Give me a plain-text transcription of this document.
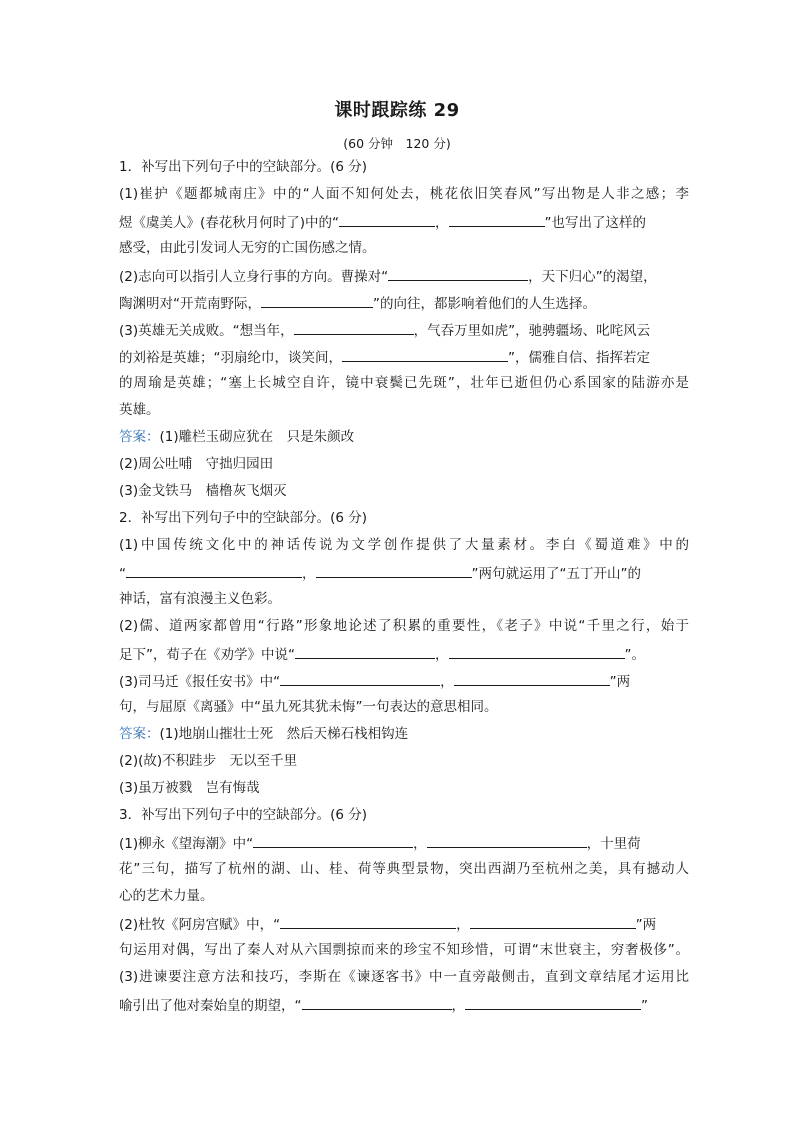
课时跟踪练 29
(60 分钟　120 分)
1．补写出下列句子中的空缺部分。(6 分)
(1)崔护《题都城南庄》中的“人面不知何处去，桃花依旧笑春风”写出物是人非之感；李
煜《虞美人》(春花秋月何时了)中的“	，	”也写出了这样的
感受，由此引发词人无穷的亡国伤感之情。
(2)志向可以指引人立身行事的方向。曹操对“	，天下归心”的渴望，
陶渊明对“开荒南野际，	”的向往，都影响着他们的人生选择。
(3)英雄无关成败。“想当年，	，气吞万里如虎”，驰骋疆场、叱咤风云
的刘裕是英雄；“羽扇纶巾，谈笑间，	”，儒雅自信、指挥若定
的周瑜是英雄；“塞上长城空自许，镜中衰鬓已先斑”，壮年已逝但仍心系国家的陆游亦是
英雄。
答案：(1)雕栏玉砌应犹在　只是朱颜改
(2)周公吐哺　守拙归园田
(3)金戈铁马　樯橹灰飞烟灭
2．补写出下列句子中的空缺部分。(6 分)
(1)中国传统文化中的神话传说为文学创作提供了大量素材。李白《蜀道难》中的
“	，	”两句就运用了“五丁开山”的
神话，富有浪漫主义色彩。
(2)儒、道两家都曾用“行路”形象地论述了积累的重要性，《老子》中说“千里之行，始于
足下”，荀子在《劝学》中说“	，	”。
(3)司马迁《报任安书》中“	，	”两
句，与屈原《离骚》中“虽九死其犹未悔”一句表达的意思相同。
答案：(1)地崩山摧壮士死　然后天梯石栈相钩连
(2)(故)不积跬步　无以至千里
(3)虽万被戮　岂有悔哉
3．补写出下列句子中的空缺部分。(6 分)
(1)柳永《望海潮》中“	，	，十里荷
花”三句，描写了杭州的湖、山、桂、荷等典型景物，突出西湖乃至杭州之美，具有撼动人
心的艺术力量。
(2)杜牧《阿房宫赋》中，“	，	”两
句运用对偶，写出了秦人对从六国剽掠而来的珍宝不知珍惜，可谓“末世衰主，穷奢极侈”。
(3)进谏要注意方法和技巧，李斯在《谏逐客书》中一直旁敲侧击，直到文章结尾才运用比
喻引出了他对秦始皇的期望，“	，	”
